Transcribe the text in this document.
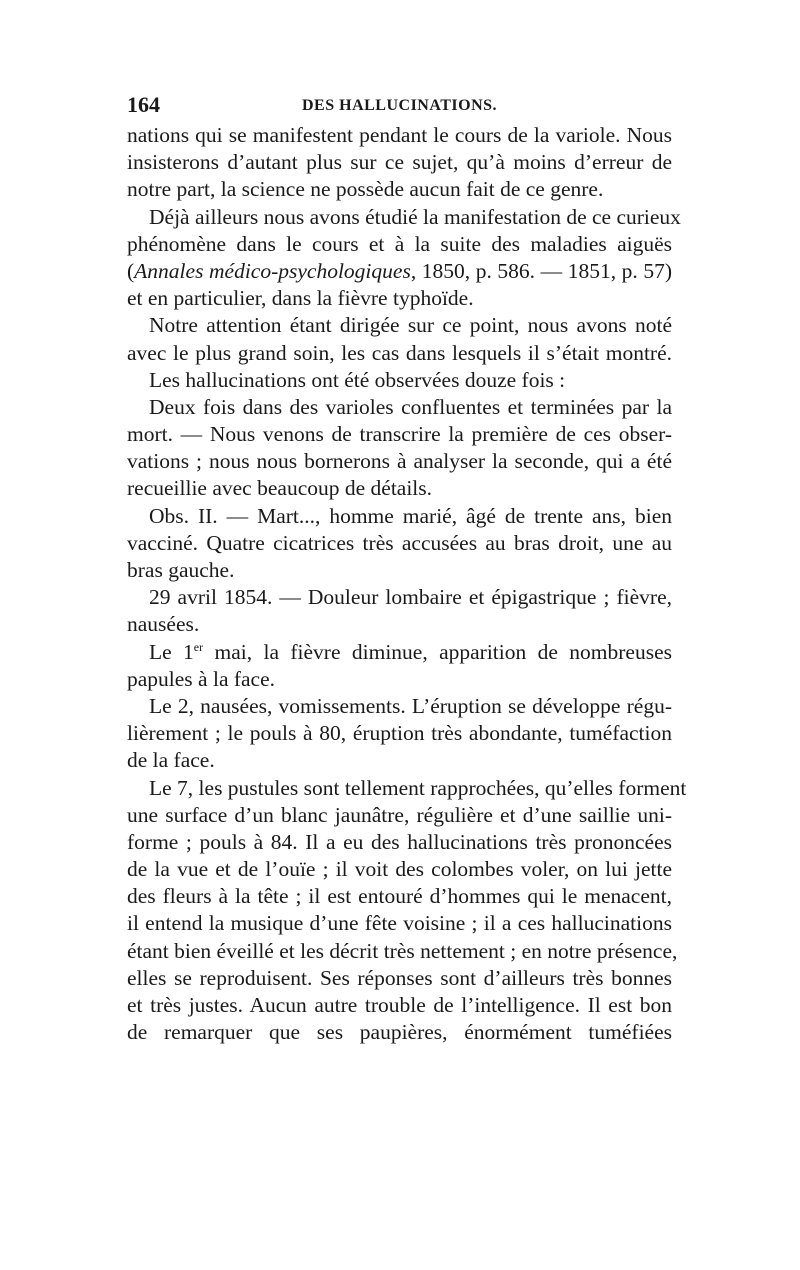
164	DES HALLUCINATIONS.
nations qui se manifestent pendant le cours de la variole. Nous
insisterons d’autant plus sur ce sujet, qu’à moins d’erreur de
notre part, la science ne possède aucun fait de ce genre.
Déjà ailleurs nous avons étudié la manifestation de ce curieux
phénomène dans le cours et à la suite des maladies aiguës
(Annales médico-psychologiques, 1850, p. 586. — 1851, p. 57)
et en particulier, dans la fièvre typhoïde.
Notre attention étant dirigée sur ce point, nous avons noté
avec le plus grand soin, les cas dans lesquels il s’était montré.
Les hallucinations ont été observées douze fois :
Deux fois dans des varioles confluentes et terminées par la
mort. — Nous venons de transcrire la première de ces obser-
vations ; nous nous bornerons à analyser la seconde, qui a été
recueillie avec beaucoup de détails.
Obs. II. — Mart..., homme marié, âgé de trente ans, bien
vacciné. Quatre cicatrices très accusées au bras droit, une au
bras gauche.
29 avril 1854. — Douleur lombaire et épigastrique ; fièvre,
nausées.
Le 1er mai, la fièvre diminue, apparition de nombreuses
papules à la face.
Le 2, nausées, vomissements. L’éruption se développe régu-
lièrement ; le pouls à 80, éruption très abondante, tuméfaction
de la face.
Le 7, les pustules sont tellement rapprochées, qu’elles forment
une surface d’un blanc jaunâtre, régulière et d’une saillie uni-
forme ; pouls à 84. Il a eu des hallucinations très prononcées
de la vue et de l’ouïe ; il voit des colombes voler, on lui jette
des fleurs à la tête ; il est entouré d’hommes qui le menacent,
il entend la musique d’une fête voisine ; il a ces hallucinations
étant bien éveillé et les décrit très nettement ; en notre présence,
elles se reproduisent. Ses réponses sont d’ailleurs très bonnes
et très justes. Aucun autre trouble de l’intelligence. Il est bon
de remarquer que ses paupières, énormément tuméfiées
